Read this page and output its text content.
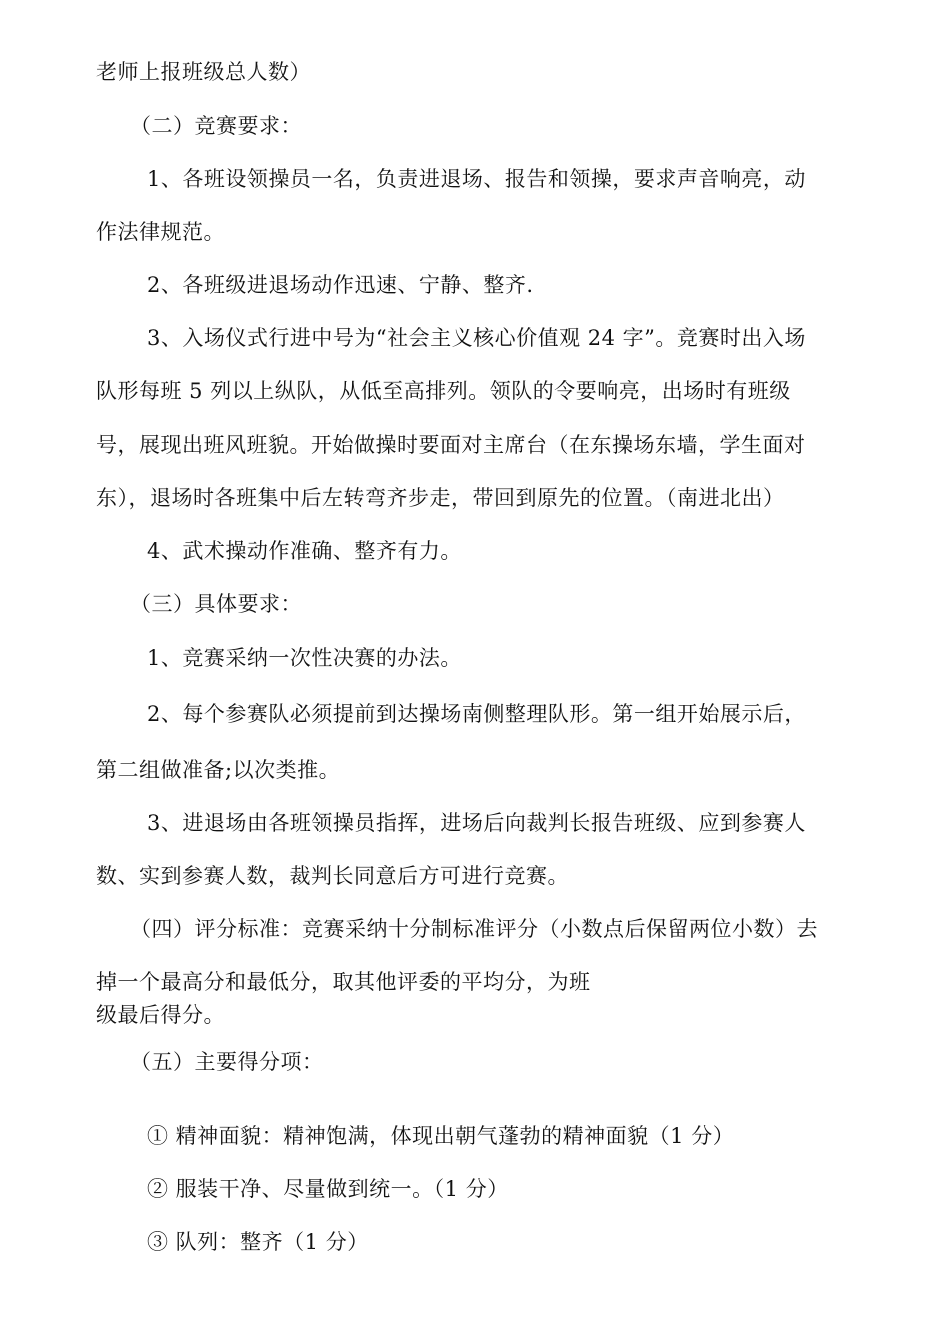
老师上报班级总人数）
（二）竞赛要求：
1、各班设领操员一名，负责进退场、报告和领操，要求声音响亮，动
作法律规范。
2、各班级进退场动作迅速、宁静、整齐.
3、入场仪式行进中号为“社会主义核心价值观 24 字”。竞赛时出入场
队形每班 5 列以上纵队，从低至高排列。领队的令要响亮，出场时有班级
号，展现出班风班貌。开始做操时要面对主席台（在东操场东墙，学生面对
东），退场时各班集中后左转弯齐步走，带回到原先的位置。（南进北出）
4、武术操动作准确、整齐有力。
（三）具体要求：
1、竞赛采纳一次性决赛的办法。
2、每个参赛队必须提前到达操场南侧整理队形。第一组开始展示后，
第二组做准备;以次类推。
3、进退场由各班领操员指挥，进场后向裁判长报告班级、应到参赛人
数、实到参赛人数，裁判长同意后方可进行竞赛。
（四）评分标准：竞赛采纳十分制标准评分（小数点后保留两位小数）去
掉一个最高分和最低分，取其他评委的平均分，为班
级最后得分。
（五）主要得分项：
① 精神面貌：精神饱满，体现出朝气蓬勃的精神面貌（1 分）
② 服装干净、尽量做到统一。（1 分）
③ 队列：整齐（1 分）
